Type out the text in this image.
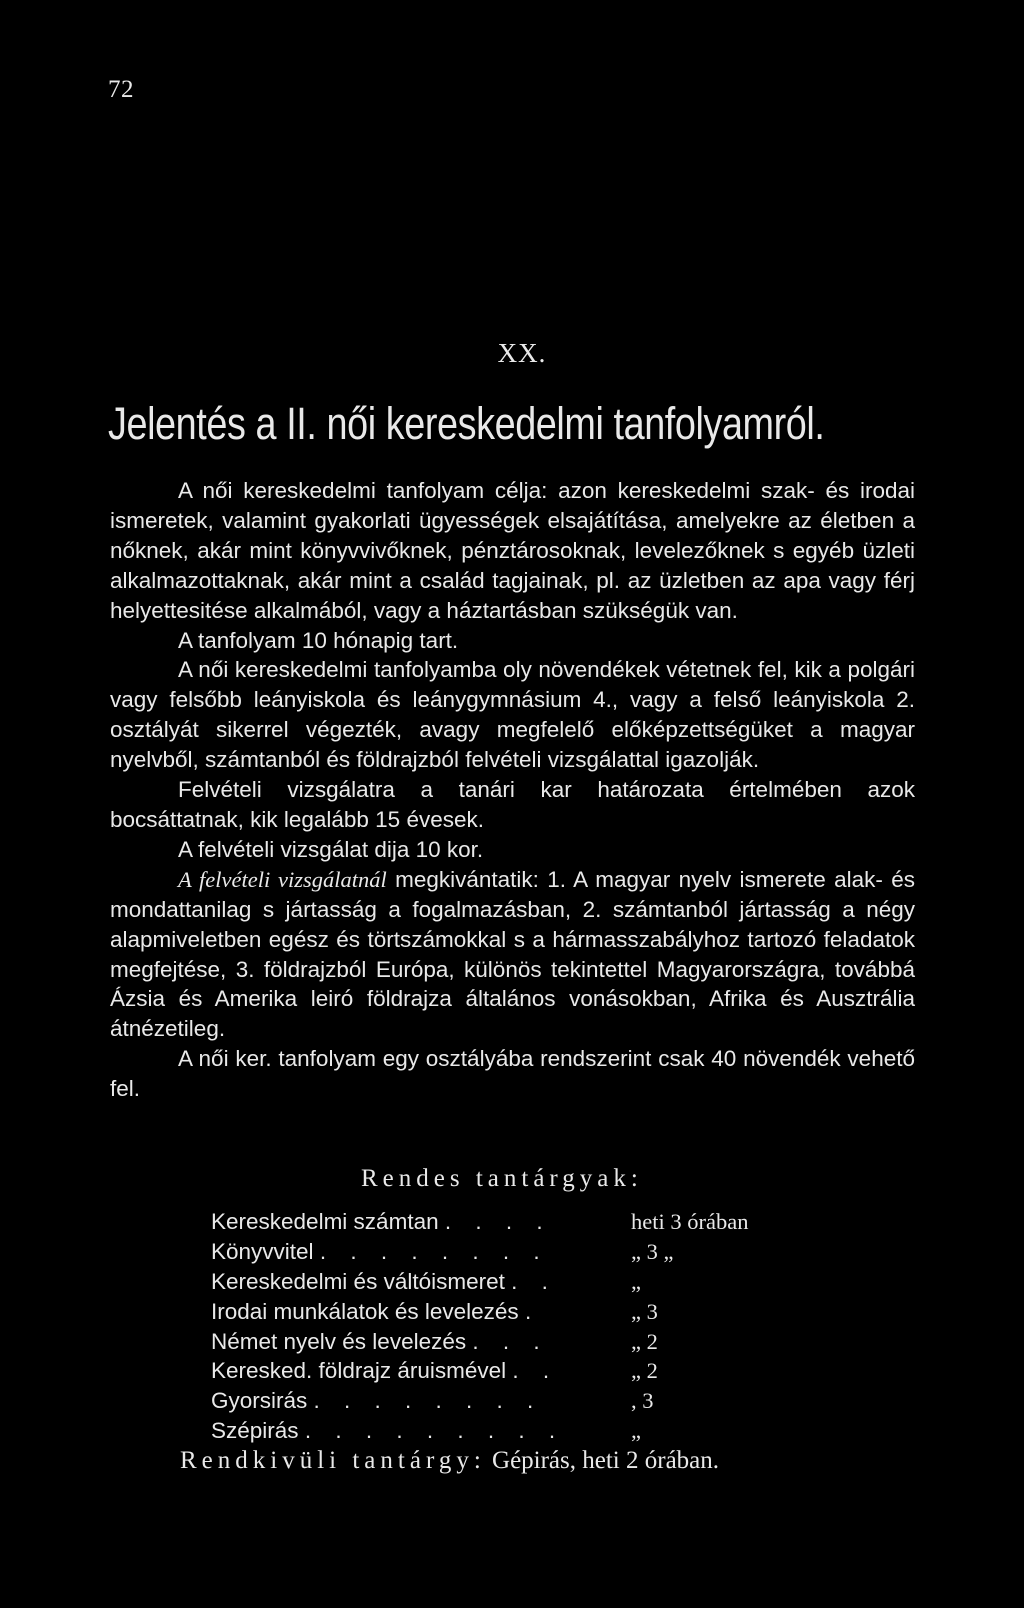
72
XX.
Jelentés a II. női kereskedelmi tanfolyamról.

A női kereskedelmi tanfolyam célja: azon kereskedelmi szak- és irodai ismeretek, valamint gyakorlati ügyességek elsajátítása, amelyekre az életben a nőknek, akár mint könyvvivőknek, pénztárosoknak, levelezőknek s egyéb üzleti alkalmazottaknak, akár mint a család tagjainak, pl. az üzletben az apa vagy férj helyettesitése alkalmából, vagy a háztartásban szükségük van.

A tanfolyam 10 hónapig tart.

A női kereskedelmi tanfolyamba oly növendékek vétetnek fel, kik a polgári vagy felsőbb leányiskola és leánygymnásium 4., vagy a felső leányiskola 2. osztályát sikerrel végezték, avagy megfelelő előképzettségüket a magyar nyelvből, számtanból és földrajzból felvételi vizsgálattal igazolják.

Felvételi vizsgálatra a tanári kar határozata értelmében azok bocsáttatnak, kik legalább 15 évesek.

A felvételi vizsgálat dija 10 kor.

A felvételi vizsgálatnál megkivántatik: 1. A magyar nyelv ismerete alak- és mondattanilag s jártasság a fogalmazásban, 2. számtanból jártasság a négy alapmiveletben egész és törtszámokkal s a hármasszabályhoz tartozó feladatok megfejtése, 3. földrajzból Európa, különös tekintettel Magyarországra, továbbá Ázsia és Amerika leiró földrajza általános vonásokban, Afrika és Ausztrália átnézetileg.

A női ker. tanfolyam egy osztályába rendszerint csak 40 növendék vehető fel.

Rendes tantárgyak:
Kereskedelmi számtan . . . .	heti 3 órában
Könyvvitel . . . . . . . .	„ 3 „
Kereskedelmi és váltóismeret . .	„
Irodai munkálatok és levelezés .	„ 3
Német nyelv és levelezés . . .	„ 2
Keresked. földrajz áruismével . .	„ 2
Gyorsirás . . . . . . . .	, 3
Szépirás . . . . . . . . .	„
Rendkivüli tantárgy: Gépirás, heti 2 órában.
